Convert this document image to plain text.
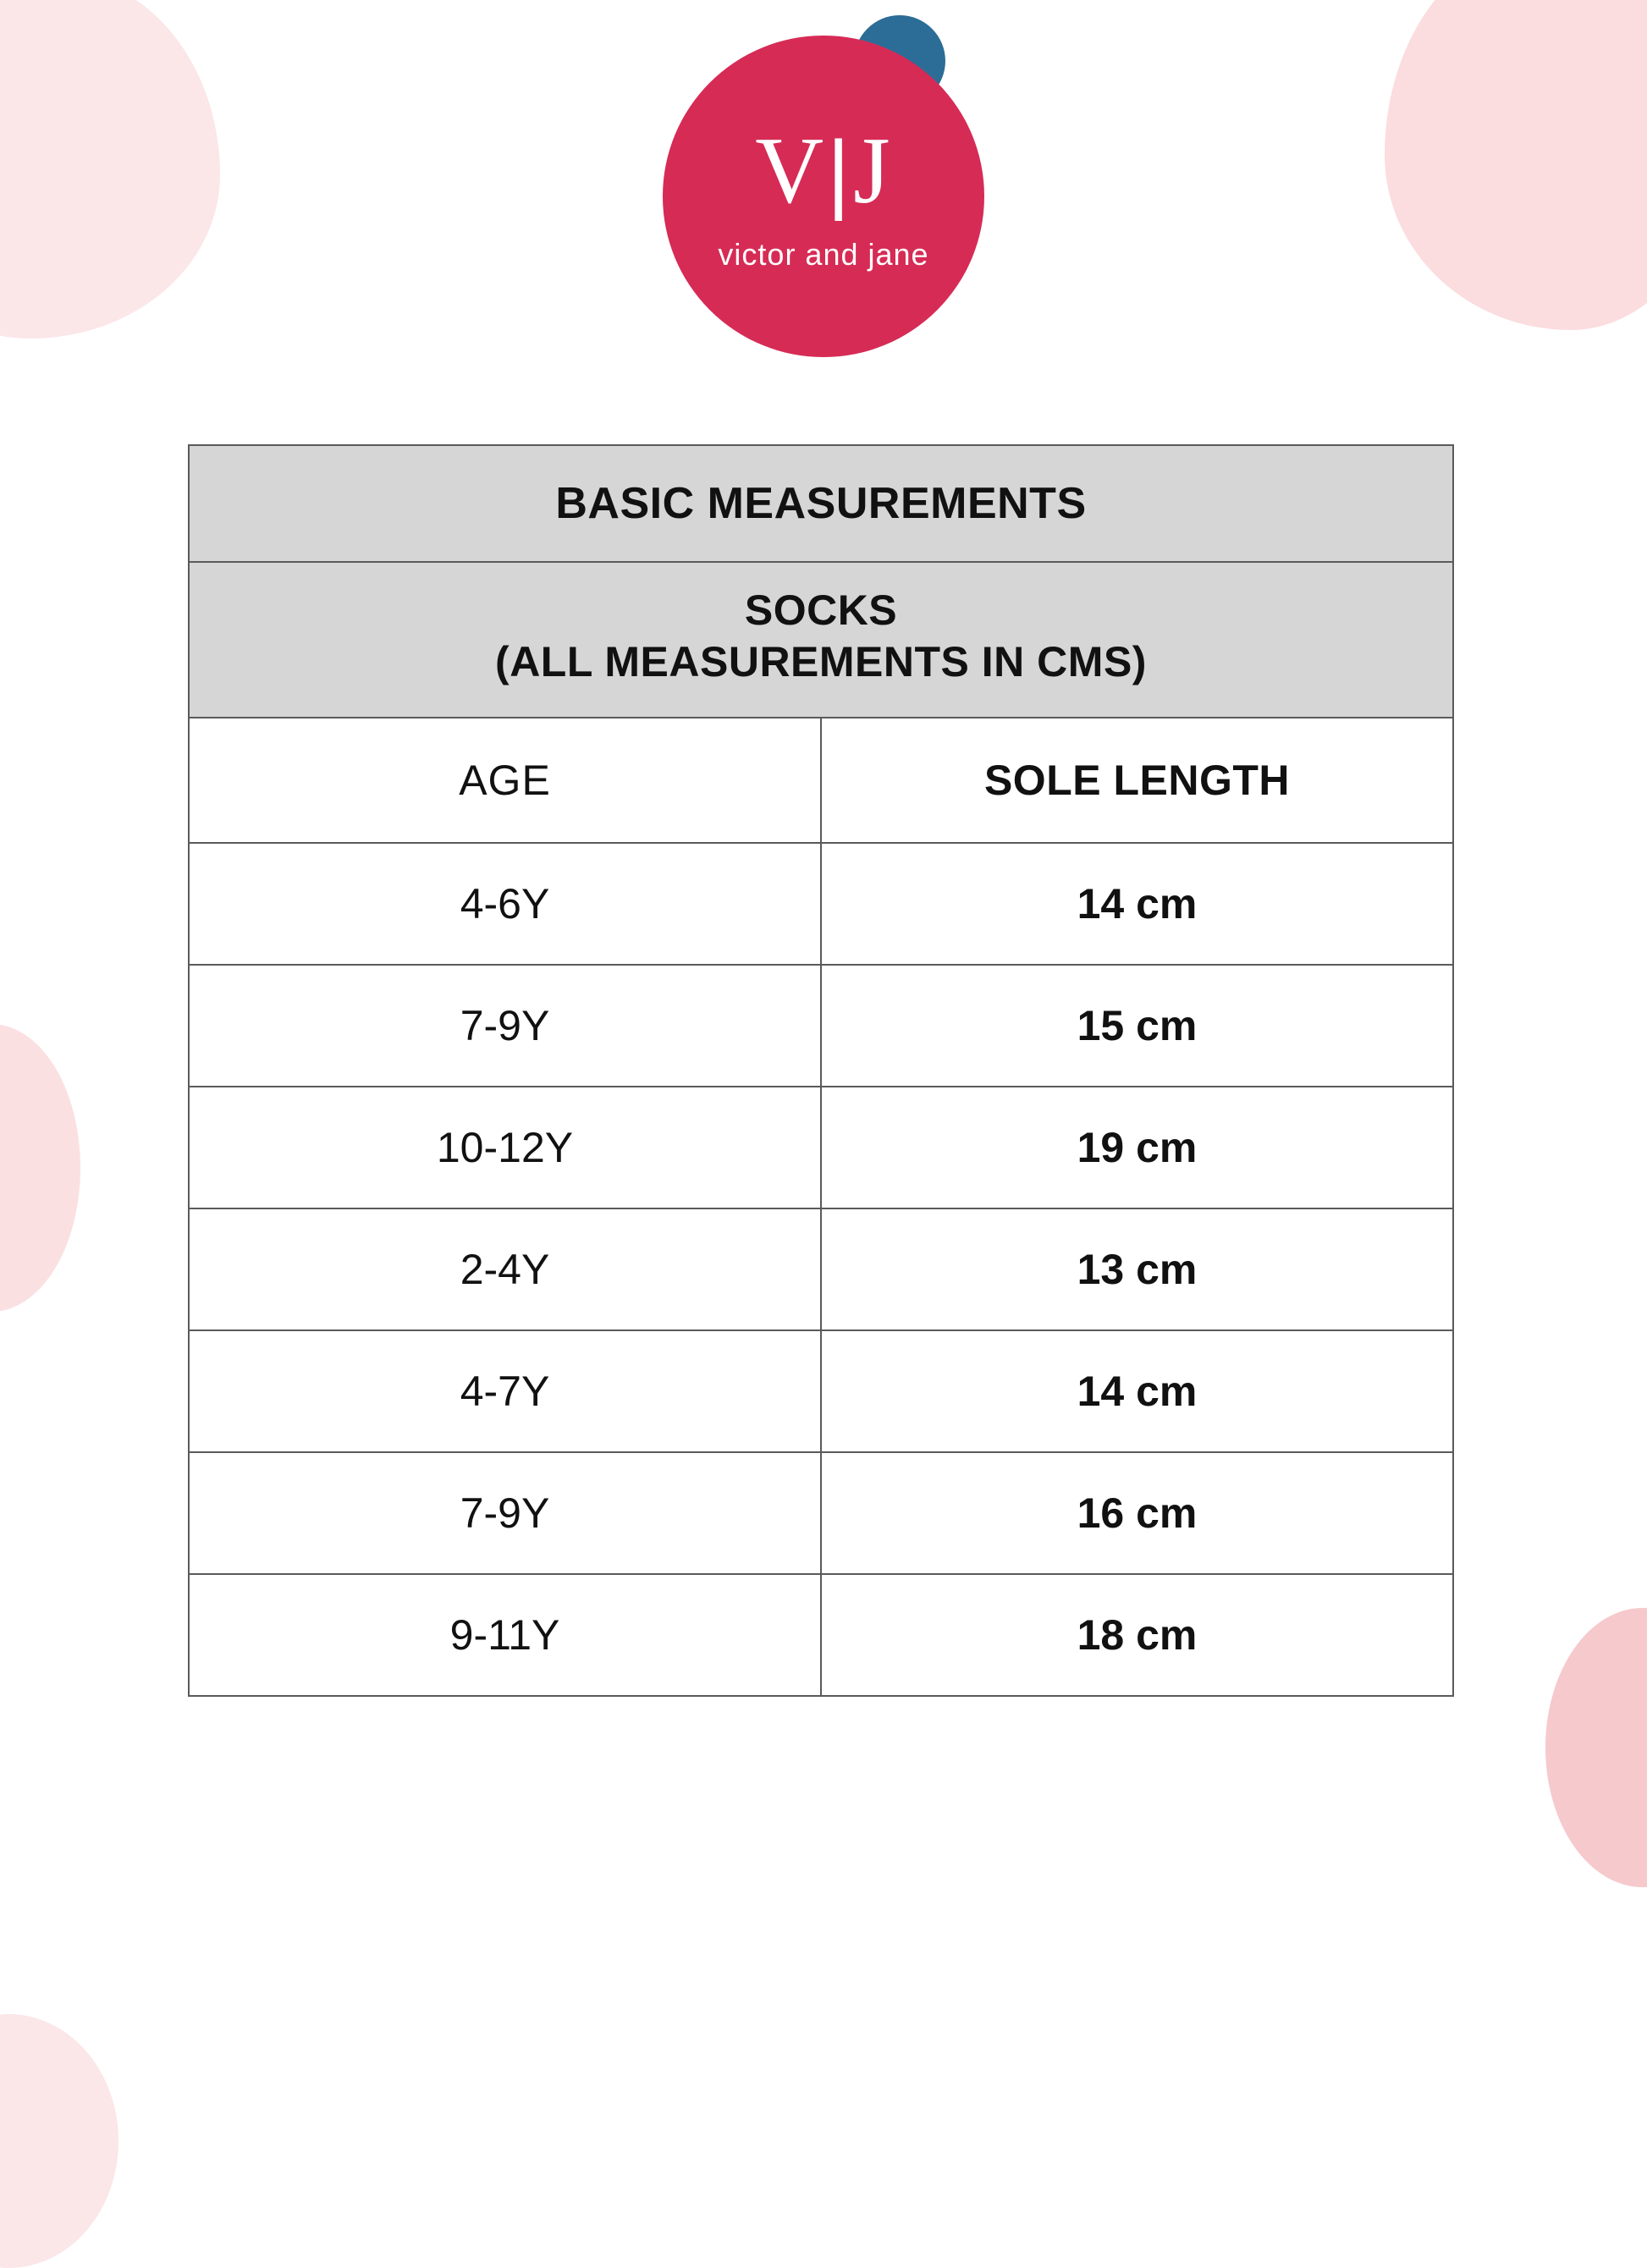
V|J
victor and jane
BASIC MEASUREMENTS	
SOCKS
(ALL MEASUREMENTS IN CMS)	
AGE	SOLE LENGTH
4-6Y	14 cm
7-9Y	15 cm
10-12Y	19 cm
2-4Y	13 cm
4-7Y	14 cm
7-9Y	16 cm
9-11Y	18 cm
